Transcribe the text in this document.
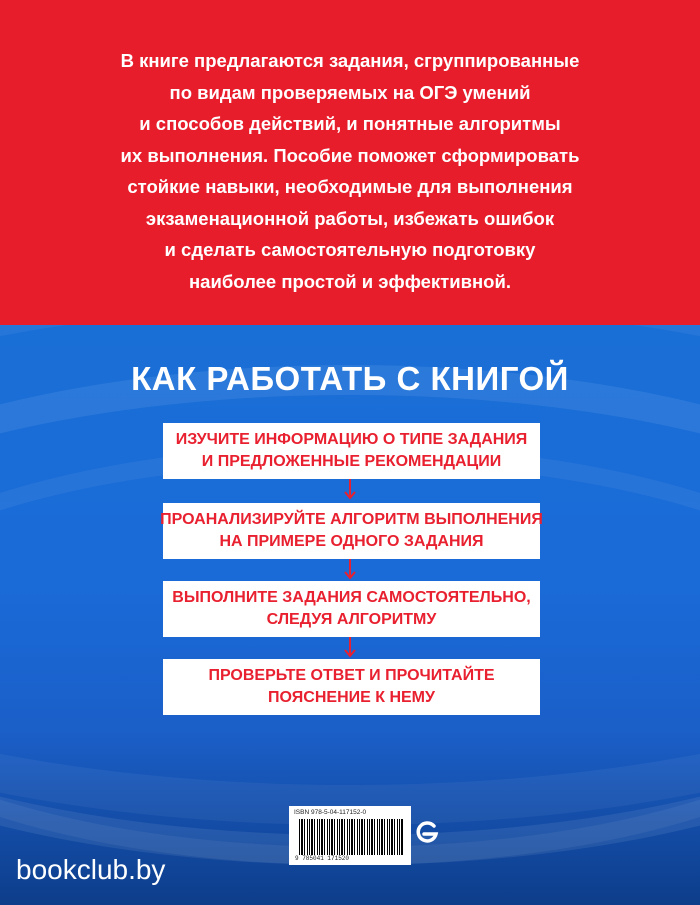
В книге предлагаются задания, сгруппированные
по видам проверяемых на ОГЭ умений
и способов действий, и понятные алгоритмы
их выполнения. Пособие поможет сформировать
стойкие навыки, необходимые для выполнения
экзаменационной работы, избежать ошибок
и сделать самостоятельную подготовку
наиболее простой и эффективной.
КАК РАБОТАТЬ С КНИГОЙ
ИЗУЧИТЕ ИНФОРМАЦИЮ О ТИПЕ ЗАДАНИЯ
И ПРЕДЛОЖЕННЫЕ РЕКОМЕНДАЦИИ
ПРОАНАЛИЗИРУЙТЕ АЛГОРИТМ ВЫПОЛНЕНИЯ
НА ПРИМЕРЕ ОДНОГО ЗАДАНИЯ
ВЫПОЛНИТЕ ЗАДАНИЯ САМОСТОЯТЕЛЬНО,
СЛЕДУЯ АЛГОРИТМУ
ПРОВЕРЬТЕ ОТВЕТ И ПРОЧИТАЙТЕ
ПОЯСНЕНИЕ К НЕМУ
ISBN 978-5-04-117152-0
9 785041 171520
bookclub.by
